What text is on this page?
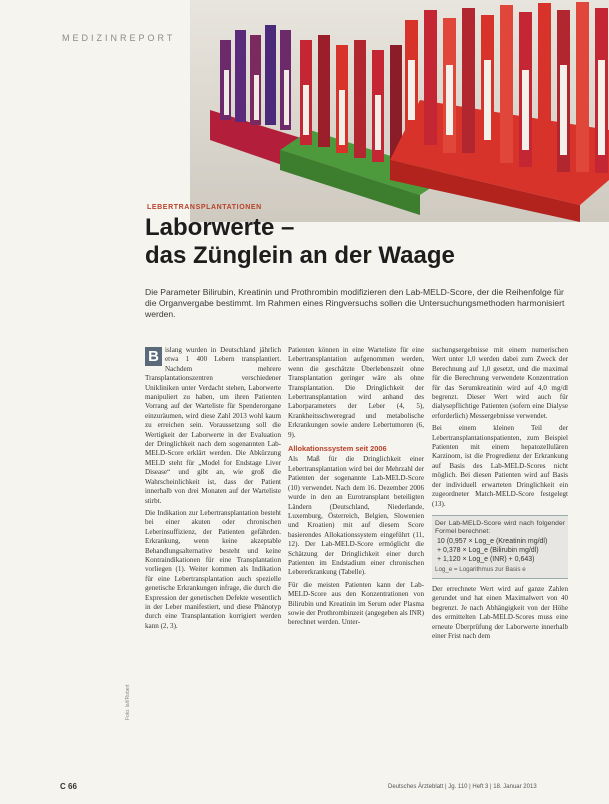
MEDIZINREPORT
LEBERTRANSPLANTATIONEN
Laborwerte –
das Zünglein an der Waage
Die Parameter Bilirubin, Kreatinin und Prothrombin modifizieren den Lab-MELD-Score, der die Reihenfolge für die Organvergabe bestimmt. Im Rahmen eines Ringversuchs sollen die Untersuchungsmethoden harmonisiert werden.
B islang wurden in Deutschland jährlich etwa 1 400 Lebern transplantiert. Nachdem mehrere Transplantationszentren verschiedener Unikliniken unter Verdacht stehen, Laborwerte manipuliert zu haben, um ihren Patienten Vorrang auf der Warteliste für Spenderorgane einzuräumen, wird diese Zahl 2013 wohl kaum zu erreichen sein. Voraussetzung soll die Wertigkeit der Laborwerte in der Evaluation der Dringlichkeit nach dem sogenannten Lab-MELD-Score erklärt werden. Die Abkürzung MELD steht für „Model for Endstage Liver Disease“ und gibt an, wie groß die Wahrscheinlichkeit ist, dass der Patient innerhalb von drei Monaten auf der Warteliste stirbt.

Die Indikation zur Lebertransplantation besteht bei einer akuten oder chronischen Leberinsuffizienz, der Patienten gefährden. Erkrankung, wenn keine akzeptable Behandlungsalternative besteht und keine Kontraindikationen für eine Transplantation vorliegen (1). Weiter kommen als Indikation für eine Lebertransplantation auch spezielle genetische Erkrankungen infrage, die durch die Expression der genetischen Defekte wesentlich in der Leber manifestiert, und diese Phänotyp durch eine Transplantation korrigiert werden kann (2, 3).

Patienten können in eine Warteliste für eine Lebertransplantation aufgenommen werden, wenn die geschätzte Überlebenszeit ohne Transplantation geringer wäre als ohne Transplantation. Die Dringlichkeit der Lebertransplantation wird anhand des Laborparameters der Leber (4, 5), Krankheitsschweregrad und metabolische Erkrankungen sowie andere Lebertumoren (6, 9).

Allokationssystem seit 2006

Als Maß für die Dringlichkeit einer Lebertransplantation wird bei der Mehrzahl der Patienten der sogenannte Lab-MELD-Score (10) verwendet. Nach dem 16. Dezember 2006 wurde in den an Eurotransplant beteiligten Ländern (Deutschland, Niederlande, Luxemburg, Österreich, Belgien, Slowenien und Kroatien) mit auf diesem Score basierendes Allokationssystem eingeführt (11, 12). Der Lab-MELD-Score ermöglicht die Schätzung der Dringlichkeit einer durch Patienten im Endstadium einer chronischen Lebererkrankung (Tabelle).

Für die meisten Patienten kann der Lab-MELD-Score aus den Konzentrationen von Bilirubin und Kreatinin im Serum oder Plasma sowie der Prothrombinzeit (angegeben als INR) berechnet werden. Unter-

suchungsergebnisse mit einem numerischen Wert unter 1,0 werden dabei zum Zweck der Berechnung auf 1,0 gesetzt, und die maximal für die Berechnung verwendete Konzentration für das Serumkreatinin wird auf 4,0 mg/dl begrenzt. Dieser Wert wird auch für dialysepflichtige Patienten (sofern eine Dialyse erforderlich) Messergebnisse verwendet.

Bei einem kleinen Teil der Lebertransplantationspatienten, zum Beispiel Patienten mit einem hepatozellulären Karzinom, ist die Progredienz der Erkrankung auf Basis des Lab-MELD-Scores nicht möglich. Bei diesen Patienten wird auf Basis der individuell erwarteten Dringlichkeit ein zugeordneter Match-MELD-Score festgelegt (13).

Der Lab-MELD-Score wird nach folgender Formel berechnet:
10 (0,957 × Log_e (Kreatinin mg/dl)
+ 0,378 × Log_e (Bilirubin mg/dl)
+ 1,120 × Log_e (INR) + 0,643)
Log_e = Logarithmus zur Basis e

Der errechnete Wert wird auf ganze Zahlen gerundet und hat einen Maximalwert von 40 begrenzt. Je nach Abhängigkeit von der Höhe des ermittelten Lab-MELD-Scores muss eine erneute Überprüfung der Laborwerte innerhalb einer Frist nach dem

Foto: laif/Robert
C 66	Deutsches Ärzteblatt | Jg. 110 | Heft 3 | 18. Januar 2013
